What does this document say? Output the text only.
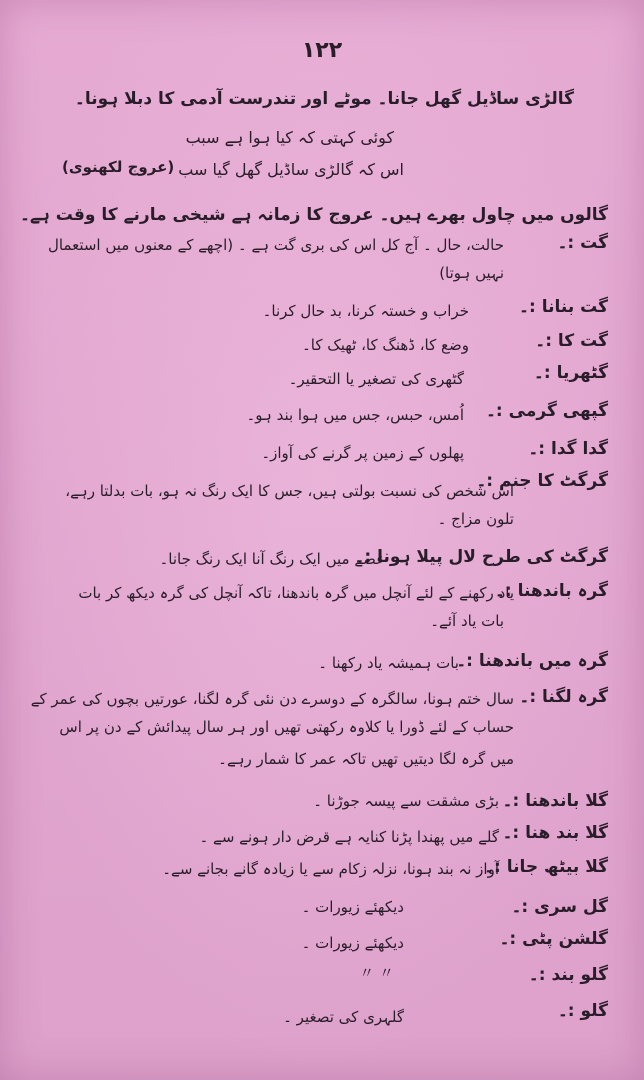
۱۲۲
گالڑی ساڈیل گھل جانا۔ موٹے اور تندرست آدمی کا دبلا ہونا۔
کوئی کہتی کہ کیا ہوا ہے سبب
اس کہ گالڑی ساڈیل گھل گیا سب
(عروج لکھنوی)
گالوں میں چاول بھرے ہیں۔ عروج کا زمانہ ہے شیخی مارنے کا وقت ہے۔
گت :۔
حالت، حال ۔ آج کل اس کی بری گت ہے ۔ (اچھے کے معنوں میں استعمال
نہیں ہوتا)
گت بنانا :۔
خراب و خستہ کرنا، بد حال کرنا۔
گت کا :۔
وضع کا، ڈھنگ کا، ٹھیک کا۔
گٹھریا :۔
گٹھری کی تصغیر یا التحقیر۔
گپھی گرمی :۔
اُمس، حبس، جس میں ہوا بند ہو۔
گدا گدا :۔
پھلوں کے زمین پر گرنے کی آواز۔
گرگٹ کا جنم :۔
اس شخص کی نسبت بولتی ہیں، جس کا ایک رنگ نہ ہو، بات بدلتا رہے،
تلون مزاج ۔
گرگٹ کی طرح لال پیلا ہونا :۔
غصے میں ایک رنگ آنا ایک رنگ جانا۔
گرہ باندھنا :۔
یاد رکھنے کے لئے آنچل میں گرہ باندھنا، تاکہ آنچل کی گرہ دیکھ کر بات
بات یاد آئے۔
گرہ میں باندھنا :۔
بات ہمیشہ یاد رکھنا ۔
گرہ لگنا :۔
سال ختم ہونا، سالگرہ کے دوسرے دن نئی گرہ لگنا، عورتیں بچوں کی عمر کے
حساب کے لئے ڈورا یا کلاوہ رکھتی تھیں اور ہر سال پیدائش کے دن پر اس
میں گرہ لگا دیتیں تھیں تاکہ عمر کا شمار رہے۔
گلا باندھنا :۔
بڑی مشقت سے پیسہ جوڑنا ۔
گلا بند ھنا :۔
گلے میں پھندا پڑنا کنایہ ہے قرض دار ہونے سے ۔
گلا بیٹھ جانا :۔
آواز نہ بند ہونا، نزلہ زکام سے یا زیادہ گانے بجانے سے۔
گل سری :۔
دیکھئے زیورات ۔
گلشن پٹی :۔
دیکھئے زیورات ۔
گلو بند :۔
〃 〃
گلو :۔
گلہری کی تصغیر ۔
